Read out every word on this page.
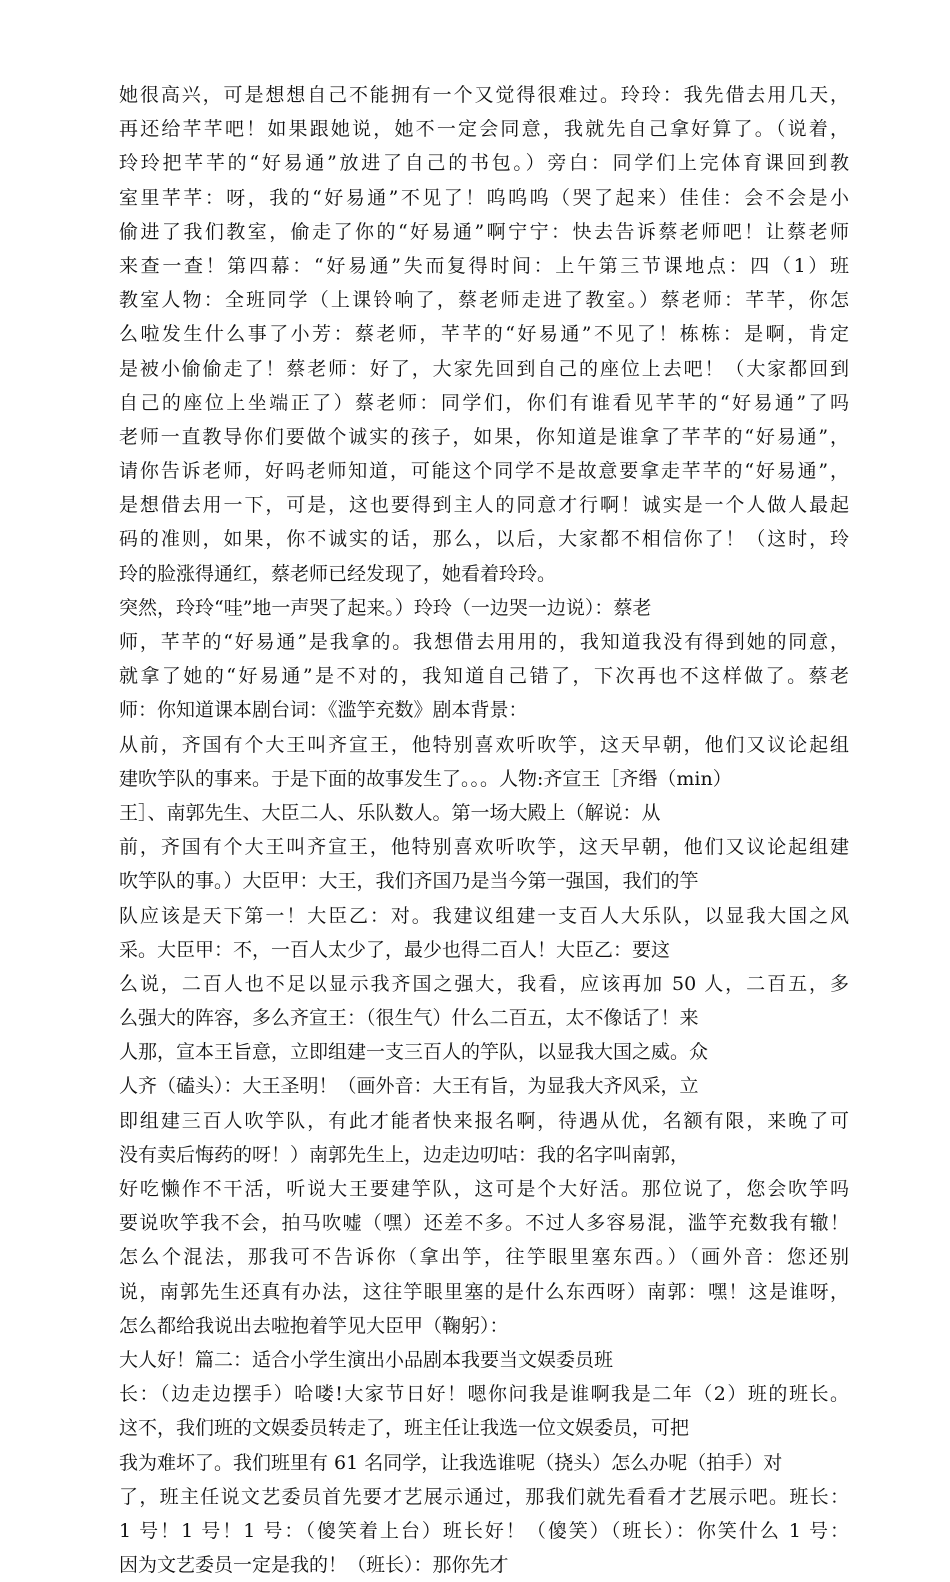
她很高兴，可是想想自己不能拥有一个又觉得很难过。玲玲：我先借去用几天，
再还给芊芊吧！如果跟她说，她不一定会同意，我就先自己拿好算了。（说着，
玲玲把芊芊的“好易通”放进了自己的书包。）旁白：同学们上完体育课回到教
室里芊芊：呀，我的“好易通”不见了！呜呜呜（哭了起来）佳佳：会不会是小
偷进了我们教室，偷走了你的“好易通”啊宁宁：快去告诉蔡老师吧！让蔡老师
来查一查！第四幕：“好易通”失而复得时间：上午第三节课地点：四（1）班
教室人物：全班同学（上课铃响了，蔡老师走进了教室。）蔡老师：芊芊，你怎
么啦发生什么事了小芳：蔡老师，芊芊的“好易通”不见了！栋栋：是啊，肯定
是被小偷偷走了！蔡老师：好了，大家先回到自己的座位上去吧！（大家都回到
自己的座位上坐端正了）蔡老师：同学们，你们有谁看见芊芊的“好易通”了吗
老师一直教导你们要做个诚实的孩子，如果，你知道是谁拿了芊芊的“好易通”，
请你告诉老师，好吗老师知道，可能这个同学不是故意要拿走芊芊的“好易通”，
是想借去用一下，可是，这也要得到主人的同意才行啊！诚实是一个人做人最起
码的准则，如果，你不诚实的话，那么，以后，大家都不相信你了！（这时，玲
玲的脸涨得通红，蔡老师已经发现了，她看着玲玲。
突然，玲玲“哇”地一声哭了起来。）玲玲（一边哭一边说）：蔡老
师，芊芊的“好易通”是我拿的。我想借去用用的，我知道我没有得到她的同意，
就拿了她的“好易通”是不对的，我知道自己错了，下次再也不这样做了。蔡老
师：你知道课本剧台词：《滥竽充数》剧本背景：
从前，齐国有个大王叫齐宣王，他特别喜欢听吹竽，这天早朝，他们又议论起组
建吹竽队的事来。于是下面的故事发生了。。。人物:齐宣王［齐缗（min）
王］、南郭先生、大臣二人、乐队数人。第一场大殿上（解说：从
前，齐国有个大王叫齐宣王，他特别喜欢听吹竽，这天早朝，他们又议论起组建
吹竽队的事。）大臣甲：大王，我们齐国乃是当今第一强国，我们的竽
队应该是天下第一！大臣乙：对。我建议组建一支百人大乐队，以显我大国之风
采。大臣甲：不，一百人太少了，最少也得二百人！大臣乙：要这
么说，二百人也不足以显示我齐国之强大，我看，应该再加 50 人，二百五，多
么强大的阵容，多么齐宣王：（很生气）什么二百五，太不像话了！来
人那，宣本王旨意，立即组建一支三百人的竽队，以显我大国之威。众
人齐（磕头）：大王圣明！（画外音：大王有旨，为显我大齐风采，立
即组建三百人吹竽队，有此才能者快来报名啊，待遇从优，名额有限，来晚了可
没有卖后悔药的呀！）南郭先生上，边走边叨咕：我的名字叫南郭，
好吃懒作不干活，听说大王要建竽队，这可是个大好活。那位说了，您会吹竽吗
要说吹竽我不会，拍马吹嘘（嘿）还差不多。不过人多容易混，滥竽充数我有辙！
怎么个混法，那我可不告诉你（拿出竽，往竽眼里塞东西。）（画外音：您还别
说，南郭先生还真有办法，这往竽眼里塞的是什么东西呀）南郭：嘿！这是谁呀，
怎么都给我说出去啦抱着竽见大臣甲（鞠躬）：
大人好！篇二：适合小学生演出小品剧本我要当文娱委员班
长：（边走边摆手）哈喽!大家节日好！嗯你问我是谁啊我是二年（2）班的班长。
这不，我们班的文娱委员转走了，班主任让我选一位文娱委员，可把
我为难坏了。我们班里有 61 名同学，让我选谁呢（挠头）怎么办呢（拍手）对
了，班主任说文艺委员首先要才艺展示通过，那我们就先看看才艺展示吧。班长：
1 号！1 号！1 号：（傻笑着上台）班长好！（傻笑）（班长）：你笑什么 1 号：
因为文艺委员一定是我的！（班长）：那你先才
